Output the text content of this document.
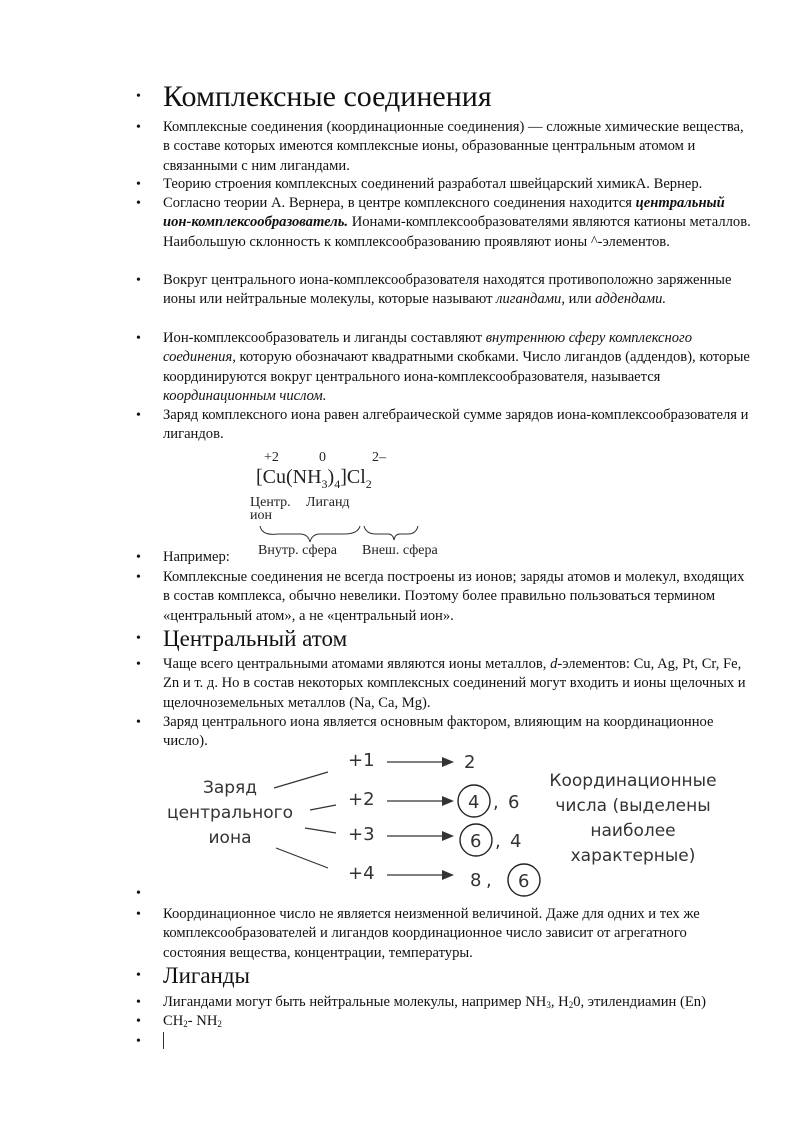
• Комплексные соединения
• Комплексные соединения (координационные соединения) — сложные химические вещества, в составе которых имеются комплексные ионы, образованные центральным атомом и связанными с ним лигандами.
• Теорию строения комплексных соединений разработал швейцарский химикА. Вернер.
• Согласно теории А. Вернера, в центре комплексного соединения находится центральный ион-комплексообразователь. Ионами-комплексообразователями являются катионы металлов. Наибольшую склонность к комплексообразованию проявляют ионы ^-элементов.
• Вокруг центрального иона-комплексообразователя находятся противоположно заряженные ионы или нейтральные молекулы, которые называют лигандами, или аддендами.
• Ион-комплексообразователь и лиганды составляют внутреннюю сферу комплексного соединения, которую обозначают квадратными скобками. Число лигандов (аддендов), которые координируются вокруг центрального иона-комплексообразователя, называется координационным числом.
• Заряд комплексного иона равен алгебраической сумме зарядов иона-комплексообразователя и лигандов.
+2	0	2–
$[Cu(NH_3)_4]Cl_2$
Центр.
ион
Лиганд
Внутр. сфера Внеш. сфера
• Например:
• Комплексные соединения не всегда построены из ионов; заряды атомов и молекул, входящих в состав комплекса, обычно невелики. Поэтому более правильно пользоваться термином «центральный атом», а не «центральный ион».
• Центральный атом
• Чаще всего центральными атомами являются ионы металлов, d-элементов: Cu, Ag, Pt, Cr, Fe, Zn и т. д. Но в состав некоторых комплексных соединений могут входить и ионы щелочных и щелочноземельных металлов (Na, Ca, Mg).
• Заряд центрального иона является основным фактором, влияющим на координационное число).
Заряд
центрального
иона
+1	2
+2	4 , 6
+3	6 , 4
+4	8 , 6
Координационные
числа (выделены
наиболее
характерные)
• Координационное число не является неизменной величиной. Даже для одних и тех же комплексообразователей и лигандов координационное число зависит от агрегатного состояния вещества, концентрации, температуры.
• Лиганды
• Лигандами могут быть нейтральные молекулы, например $NH_3$, $H_20$, этилендиамин (En)
• $CH_2-$ $NH_2$
•
